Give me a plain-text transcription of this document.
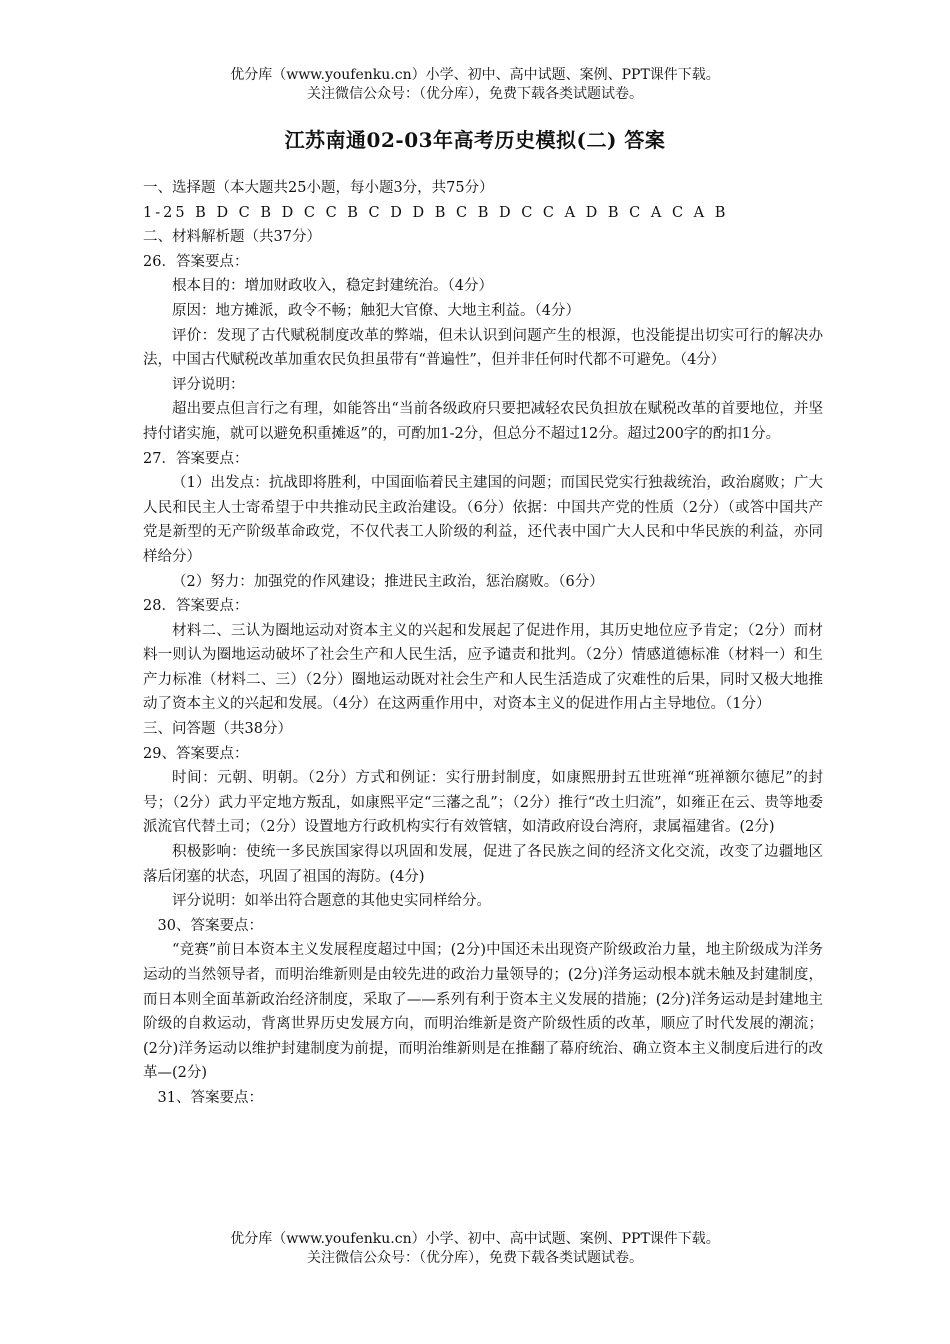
优分库（www.youfenku.cn）小学、初中、高中试题、案例、PPT课件下载。
关注微信公众号：（优分库），免费下载各类试题试卷。
江苏南通02-03年高考历史模拟(二) 答案

一、选择题（本大题共25小题，每小题3分，共75分）

1-25 B D C B D C C B C D D B C B D C C A D B C A C A B

二、材料解析题（共37分）

26．答案要点：

根本目的：增加财政收入，稳定封建统治。（4分）

原因：地方摊派，政令不畅；触犯大官僚、大地主利益。（4分）

评价：发现了古代赋税制度改革的弊端，但未认识到问题产生的根源，也没能提出切实可行的解决办法，中国古代赋税改革加重农民负担虽带有“普遍性”，但并非任何时代都不可避免。（4分）

评分说明：

超出要点但言行之有理，如能答出“当前各级政府只要把减轻农民负担放在赋税改革的首要地位，并坚持付诸实施，就可以避免积重摊返”的，可酌加1-2分，但总分不超过12分。超过200字的酌扣1分。

27．答案要点：

（1）出发点：抗战即将胜利，中国面临着民主建国的问题；而国民党实行独裁统治，政治腐败；广大人民和民主人士寄希望于中共推动民主政治建设。（6分）依据：中国共产党的性质（2分）（或答中国共产党是新型的无产阶级革命政党，不仅代表工人阶级的利益，还代表中国广大人民和中华民族的利益，亦同样给分）

（2）努力：加强党的作风建设；推进民主政治，惩治腐败。（6分）

28．答案要点：

材料二、三认为圈地运动对资本主义的兴起和发展起了促进作用，其历史地位应予肯定；（2分）而材料一则认为圈地运动破坏了社会生产和人民生活，应予谴责和批判。（2分）情感道德标准（材料一）和生产力标准（材料二、三）（2分）圈地运动既对社会生产和人民生活造成了灾难性的后果，同时又极大地推动了资本主义的兴起和发展。（4分）在这两重作用中，对资本主义的促进作用占主导地位。（1分）

三、问答题（共38分）

29、答案要点：

时间：元朝、明朝。（2分）方式和例证：实行册封制度，如康熙册封五世班禅“班禅额尔德尼”的封号；（2分）武力平定地方叛乱，如康熙平定“三藩之乱”；（2分）推行“改土归流”，如雍正在云、贵等地委派流官代替土司；（2分）设置地方行政机构实行有效管辖，如清政府设台湾府，隶属福建省。(2分)

积极影响：使统一多民族国家得以巩固和发展，促进了各民族之间的经济文化交流，改变了边疆地区落后闭塞的状态，巩固了祖国的海防。(4分)

评分说明：如举出符合题意的其他史实同样给分。

30、答案要点：

“竞赛”前日本资本主义发展程度超过中国；(2分)中国还未出现资产阶级政治力量，地主阶级成为洋务运动的当然领导者，而明治维新则是由较先进的政治力量领导的；(2分)洋务运动根本就未触及封建制度，而日本则全面革新政治经济制度，采取了——系列有利于资本主义发展的措施；(2分)洋务运动是封建地主阶级的自救运动，背离世界历史发展方向，而明治维新是资产阶级性质的改革，顺应了时代发展的潮流；(2分)洋务运动以维护封建制度为前提，而明治维新则是在推翻了幕府统治、确立资本主义制度后进行的改革—(2分)

31、答案要点：

优分库（www.youfenku.cn）小学、初中、高中试题、案例、PPT课件下载。
关注微信公众号：（优分库），免费下载各类试题试卷。
